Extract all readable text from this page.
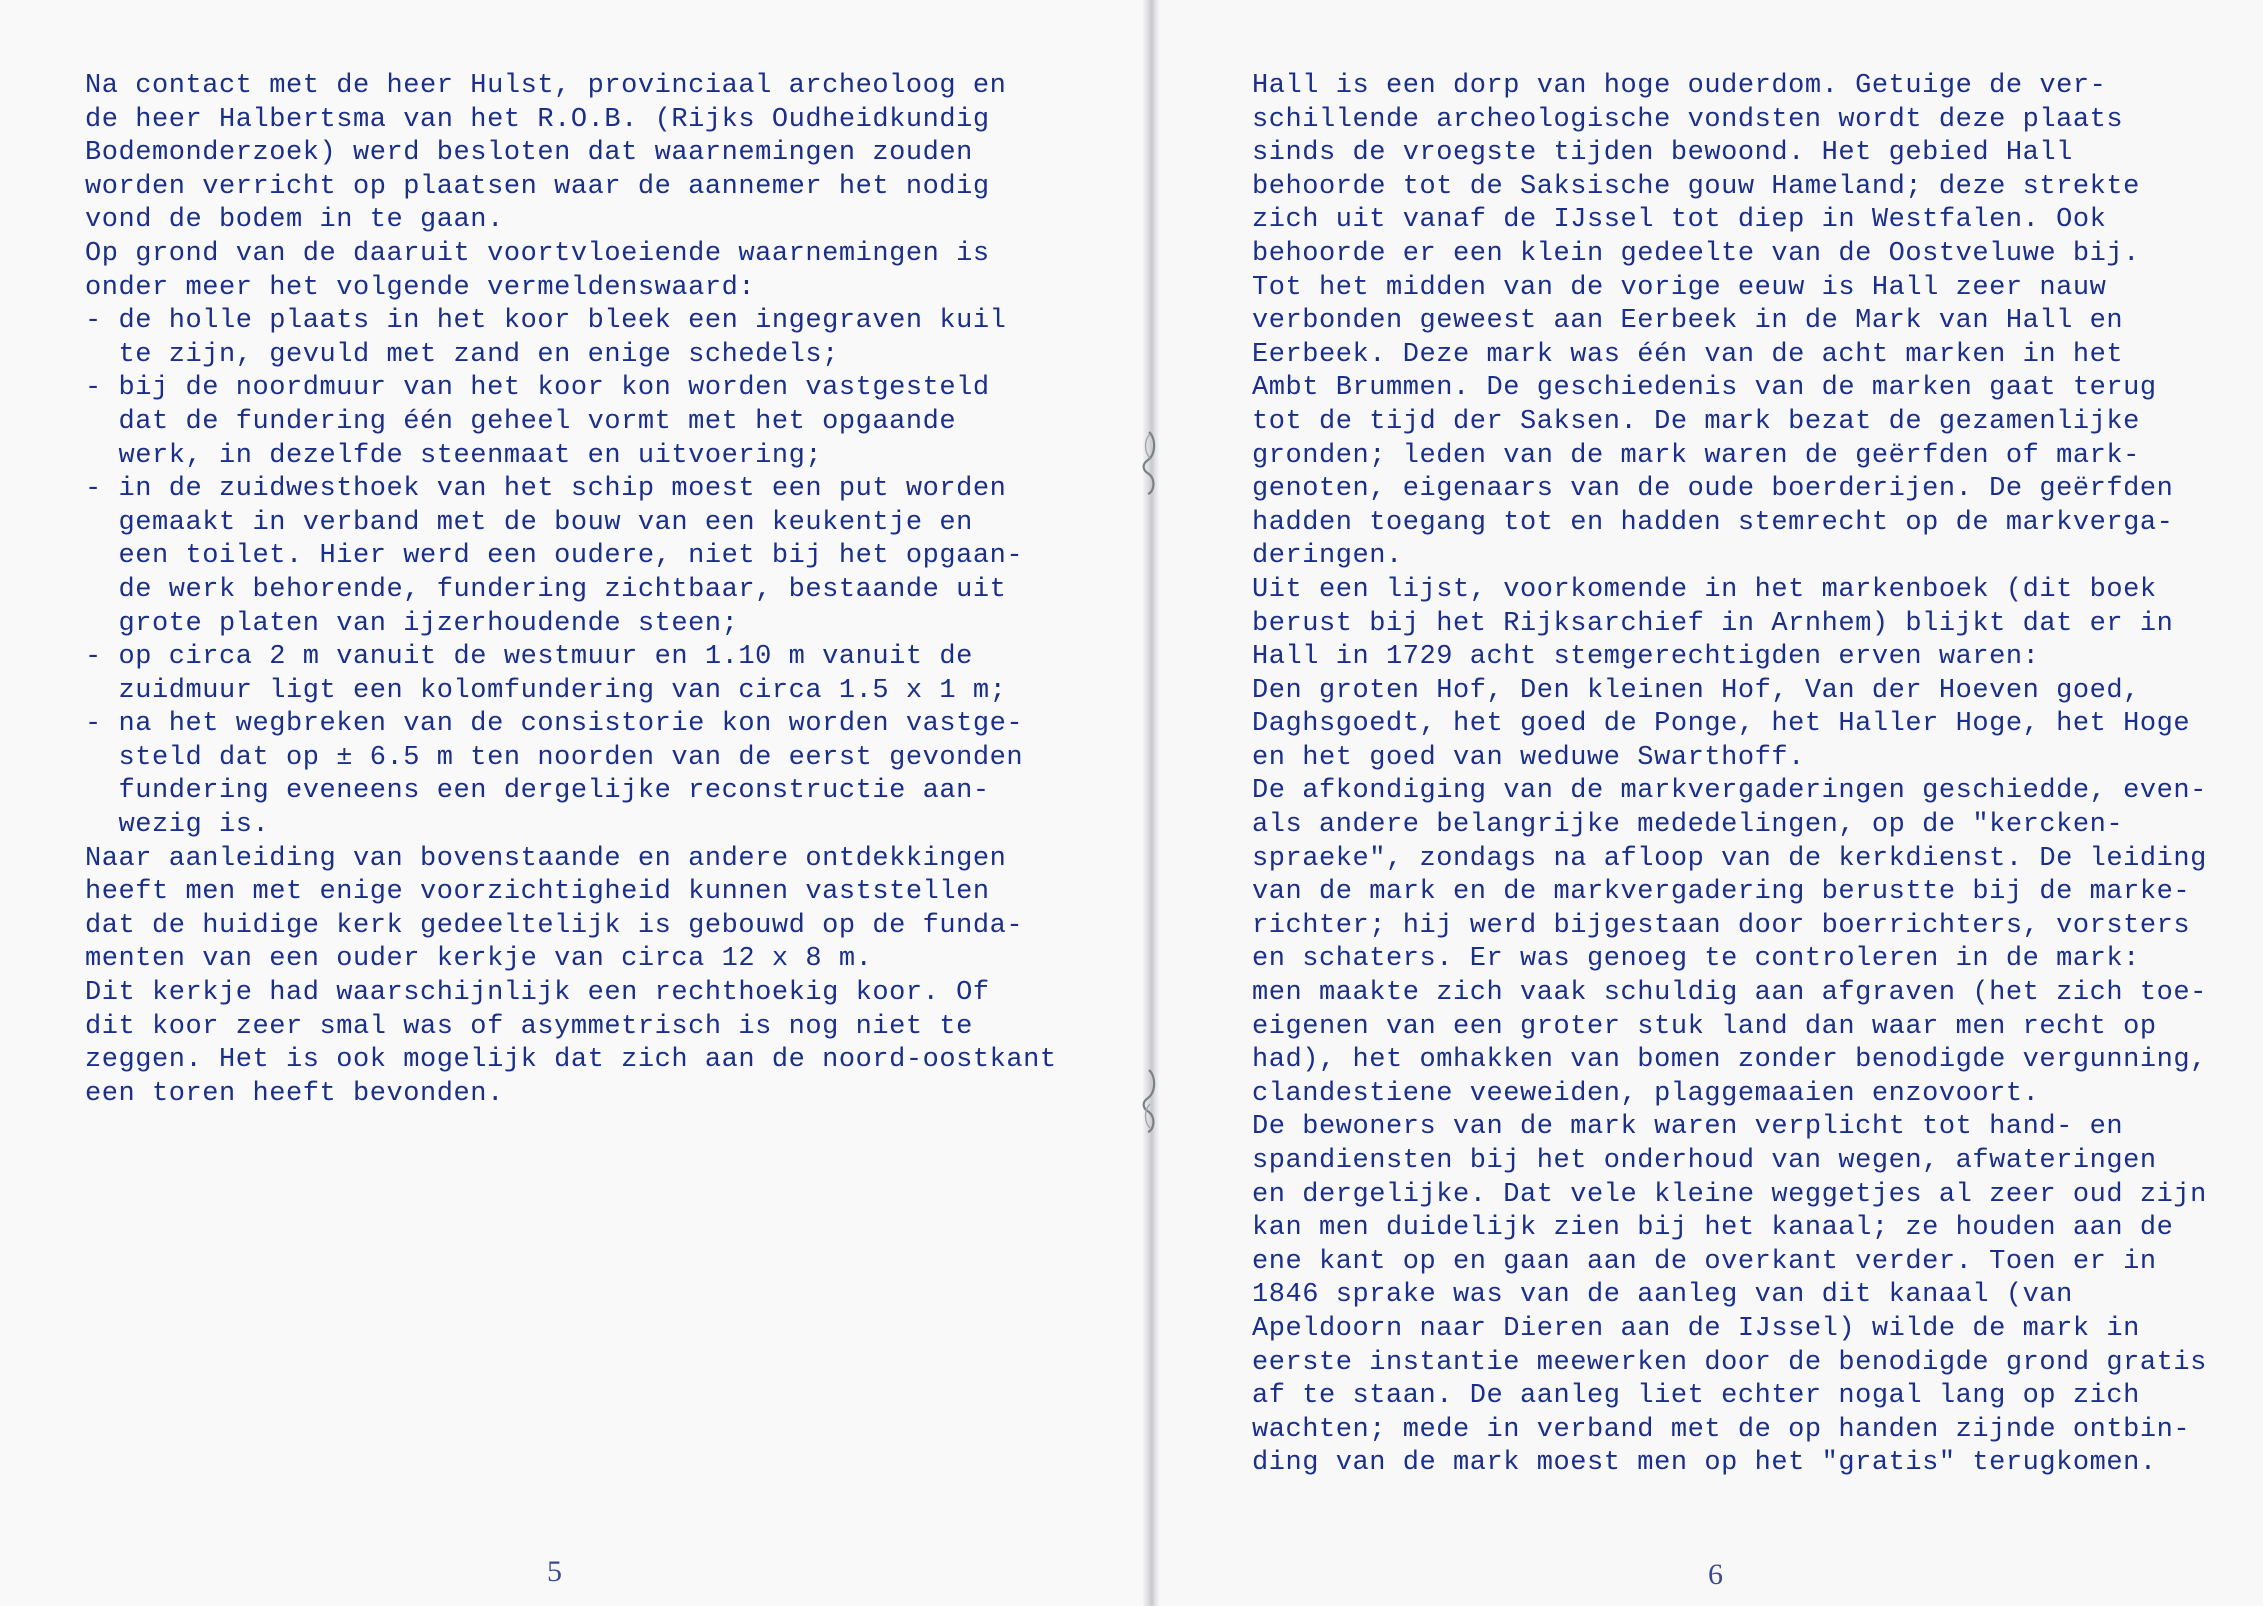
Na contact met de heer Hulst, provinciaal archeoloog en
de heer Halbertsma van het R.O.B. (Rijks Oudheidkundig
Bodemonderzoek) werd besloten dat waarnemingen zouden
worden verricht op plaatsen waar de aannemer het nodig
vond de bodem in te gaan.
Op grond van de daaruit voortvloeiende waarnemingen is
onder meer het volgende vermeldenswaard:
- de holle plaats in het koor bleek een ingegraven kuil
te zijn, gevuld met zand en enige schedels;
- bij de noordmuur van het koor kon worden vastgesteld
dat de fundering één geheel vormt met het opgaande
werk, in dezelfde steenmaat en uitvoering;
- in de zuidwesthoek van het schip moest een put worden
gemaakt in verband met de bouw van een keukentje en
een toilet. Hier werd een oudere, niet bij het opgaan-
de werk behorende, fundering zichtbaar, bestaande uit
grote platen van ijzerhoudende steen;
- op circa 2 m vanuit de westmuur en 1.10 m vanuit de
zuidmuur ligt een kolomfundering van circa 1.5 x 1 m;
- na het wegbreken van de consistorie kon worden vastge-
steld dat op ± 6.5 m ten noorden van de eerst gevonden
fundering eveneens een dergelijke reconstructie aan-
wezig is.
Naar aanleiding van bovenstaande en andere ontdekkingen
heeft men met enige voorzichtigheid kunnen vaststellen
dat de huidige kerk gedeeltelijk is gebouwd op de funda-
menten van een ouder kerkje van circa 12 x 8 m.
Dit kerkje had waarschijnlijk een rechthoekig koor. Of
dit koor zeer smal was of asymmetrisch is nog niet te
zeggen. Het is ook mogelijk dat zich aan de noord-oostkant
een toren heeft bevonden.
Hall is een dorp van hoge ouderdom. Getuige de ver-
schillende archeologische vondsten wordt deze plaats
sinds de vroegste tijden bewoond. Het gebied Hall
behoorde tot de Saksische gouw Hameland; deze strekte
zich uit vanaf de IJssel tot diep in Westfalen. Ook
behoorde er een klein gedeelte van de Oostveluwe bij.
Tot het midden van de vorige eeuw is Hall zeer nauw
verbonden geweest aan Eerbeek in de Mark van Hall en
Eerbeek. Deze mark was één van de acht marken in het
Ambt Brummen. De geschiedenis van de marken gaat terug
tot de tijd der Saksen. De mark bezat de gezamenlijke
gronden; leden van de mark waren de geërfden of mark-
genoten, eigenaars van de oude boerderijen. De geërfden
hadden toegang tot en hadden stemrecht op de markverga-
deringen.
Uit een lijst, voorkomende in het markenboek (dit boek
berust bij het Rijksarchief in Arnhem) blijkt dat er in
Hall in 1729 acht stemgerechtigden erven waren:
Den groten Hof, Den kleinen Hof, Van der Hoeven goed,
Daghsgoedt, het goed de Ponge, het Haller Hoge, het Hoge
en het goed van weduwe Swarthoff.
De afkondiging van de markvergaderingen geschiedde, even-
als andere belangrijke mededelingen, op de "kercken-
spraeke", zondags na afloop van de kerkdienst. De leiding
van de mark en de markvergadering berustte bij de marke-
richter; hij werd bijgestaan door boerrichters, vorsters
en schaters. Er was genoeg te controleren in de mark:
men maakte zich vaak schuldig aan afgraven (het zich toe-
eigenen van een groter stuk land dan waar men recht op
had), het omhakken van bomen zonder benodigde vergunning,
clandestiene veeweiden, plaggemaaien enzovoort.
De bewoners van de mark waren verplicht tot hand- en
spandiensten bij het onderhoud van wegen, afwateringen
en dergelijke. Dat vele kleine weggetjes al zeer oud zijn
kan men duidelijk zien bij het kanaal; ze houden aan de
ene kant op en gaan aan de overkant verder. Toen er in
1846 sprake was van de aanleg van dit kanaal (van
Apeldoorn naar Dieren aan de IJssel) wilde de mark in
eerste instantie meewerken door de benodigde grond gratis
af te staan. De aanleg liet echter nogal lang op zich
wachten; mede in verband met de op handen zijnde ontbin-
ding van de mark moest men op het "gratis" terugkomen.
5	6
